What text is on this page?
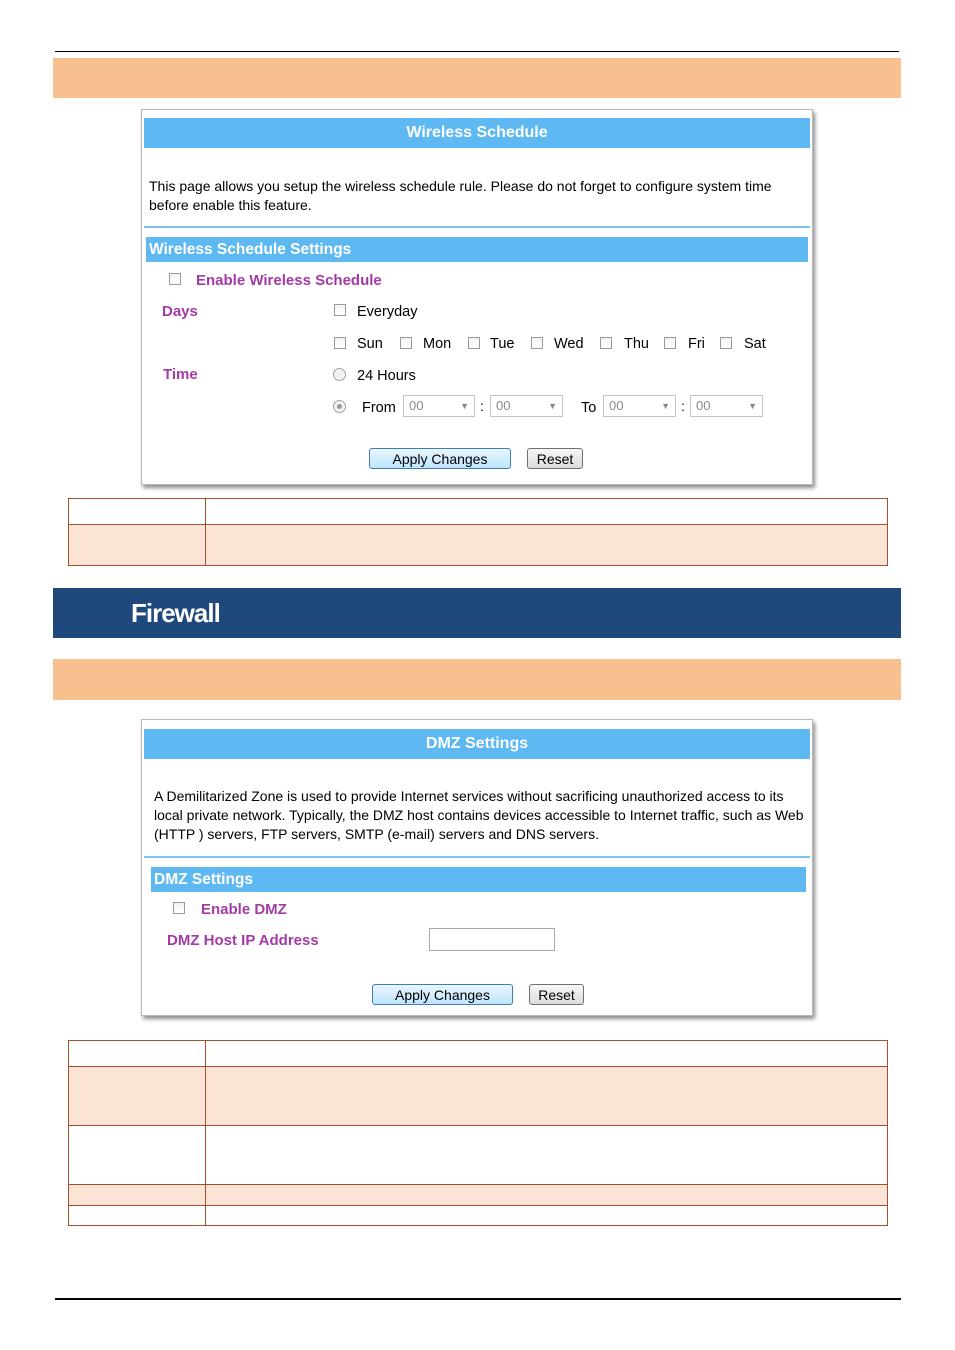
Wireless Schedule
This page allows you setup the wireless schedule rule. Please do not forget to configure system time before enable this feature.
Wireless Schedule Settings
Enable Wireless Schedule
Days	Everyday
Sun	Mon	Tue	Wed	Thu	Fri	Sat
Time	24 Hours
From	00	▼ : 00	▼ To 00	▼ : 00	▼
Apply Changes	Reset

Firewall
DMZ Settings
A Demilitarized Zone is used to provide Internet services without sacrificing unauthorized access to its local private network. Typically, the DMZ host contains devices accessible to Internet traffic, such as Web (HTTP ) servers, FTP servers, SMTP (e-mail) servers and DNS servers.
DMZ Settings
Enable DMZ
DMZ Host IP Address
Apply Changes	Reset
